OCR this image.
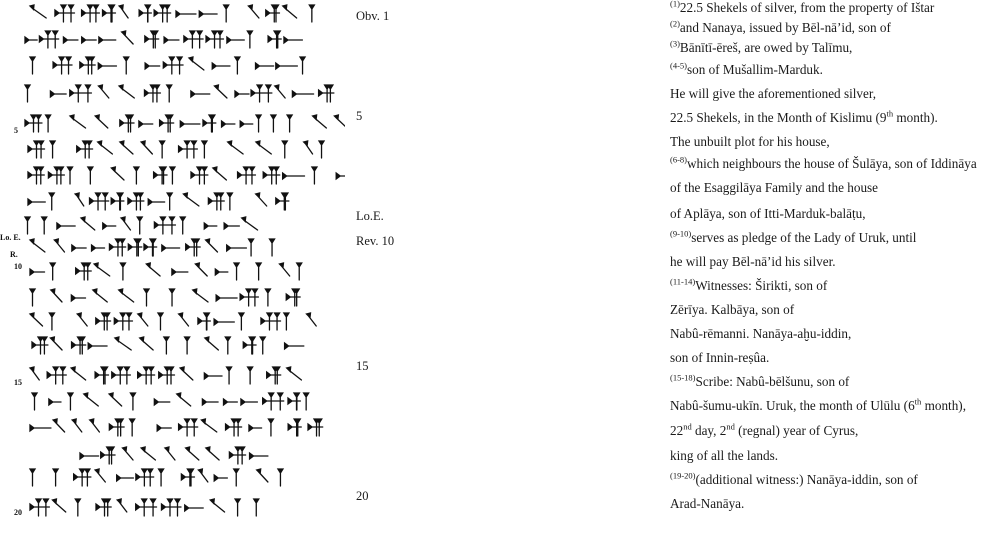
5
Lo. E.
R.
10
15
20
Obv. 1
5
Lo.E.
Rev. 10
15
20
$^{(1)}$22.5 Shekels of silver, from the property of Ištar
$^{(2)}$and Nanaya, issued by Bēl-nā’id, son of
$^{(3)}$Bānītī-ēreš, are owed by Talīmu,
$^{(4-5)}$son of Mušallim-Marduk.
He will give the aforementioned silver,
22.5 Shekels, in the Month of Kislimu (9th month).
The unbuilt plot for his house,
$^{(6-8)}$which neighbours the house of Šulāya, son of Iddināya
of the Esaggilāya Family and the house
of Aplāya, son of Itti-Marduk-balāṭu,
$^{(9-10)}$serves as pledge of the Lady of Uruk, until
he will pay Bēl-nā’id his silver.
$^{(11-14)}$Witnesses: Širikti, son of
Zērīya. Kalbāya, son of
Nabû-rēmanni. Nanāya-aḫu-iddin,
son of Innin-reṣûa.
$^{(15-18)}$Scribe: Nabû-bēlšunu, son of
Nabû-šumu-ukīn. Uruk, the month of Ulūlu (6th month),
22nd day, 2nd (regnal) year of Cyrus,
king of all the lands.
$^{(19-20)}$(additional witness:) Nanāya-iddin, son of
Arad-Nanāya.
